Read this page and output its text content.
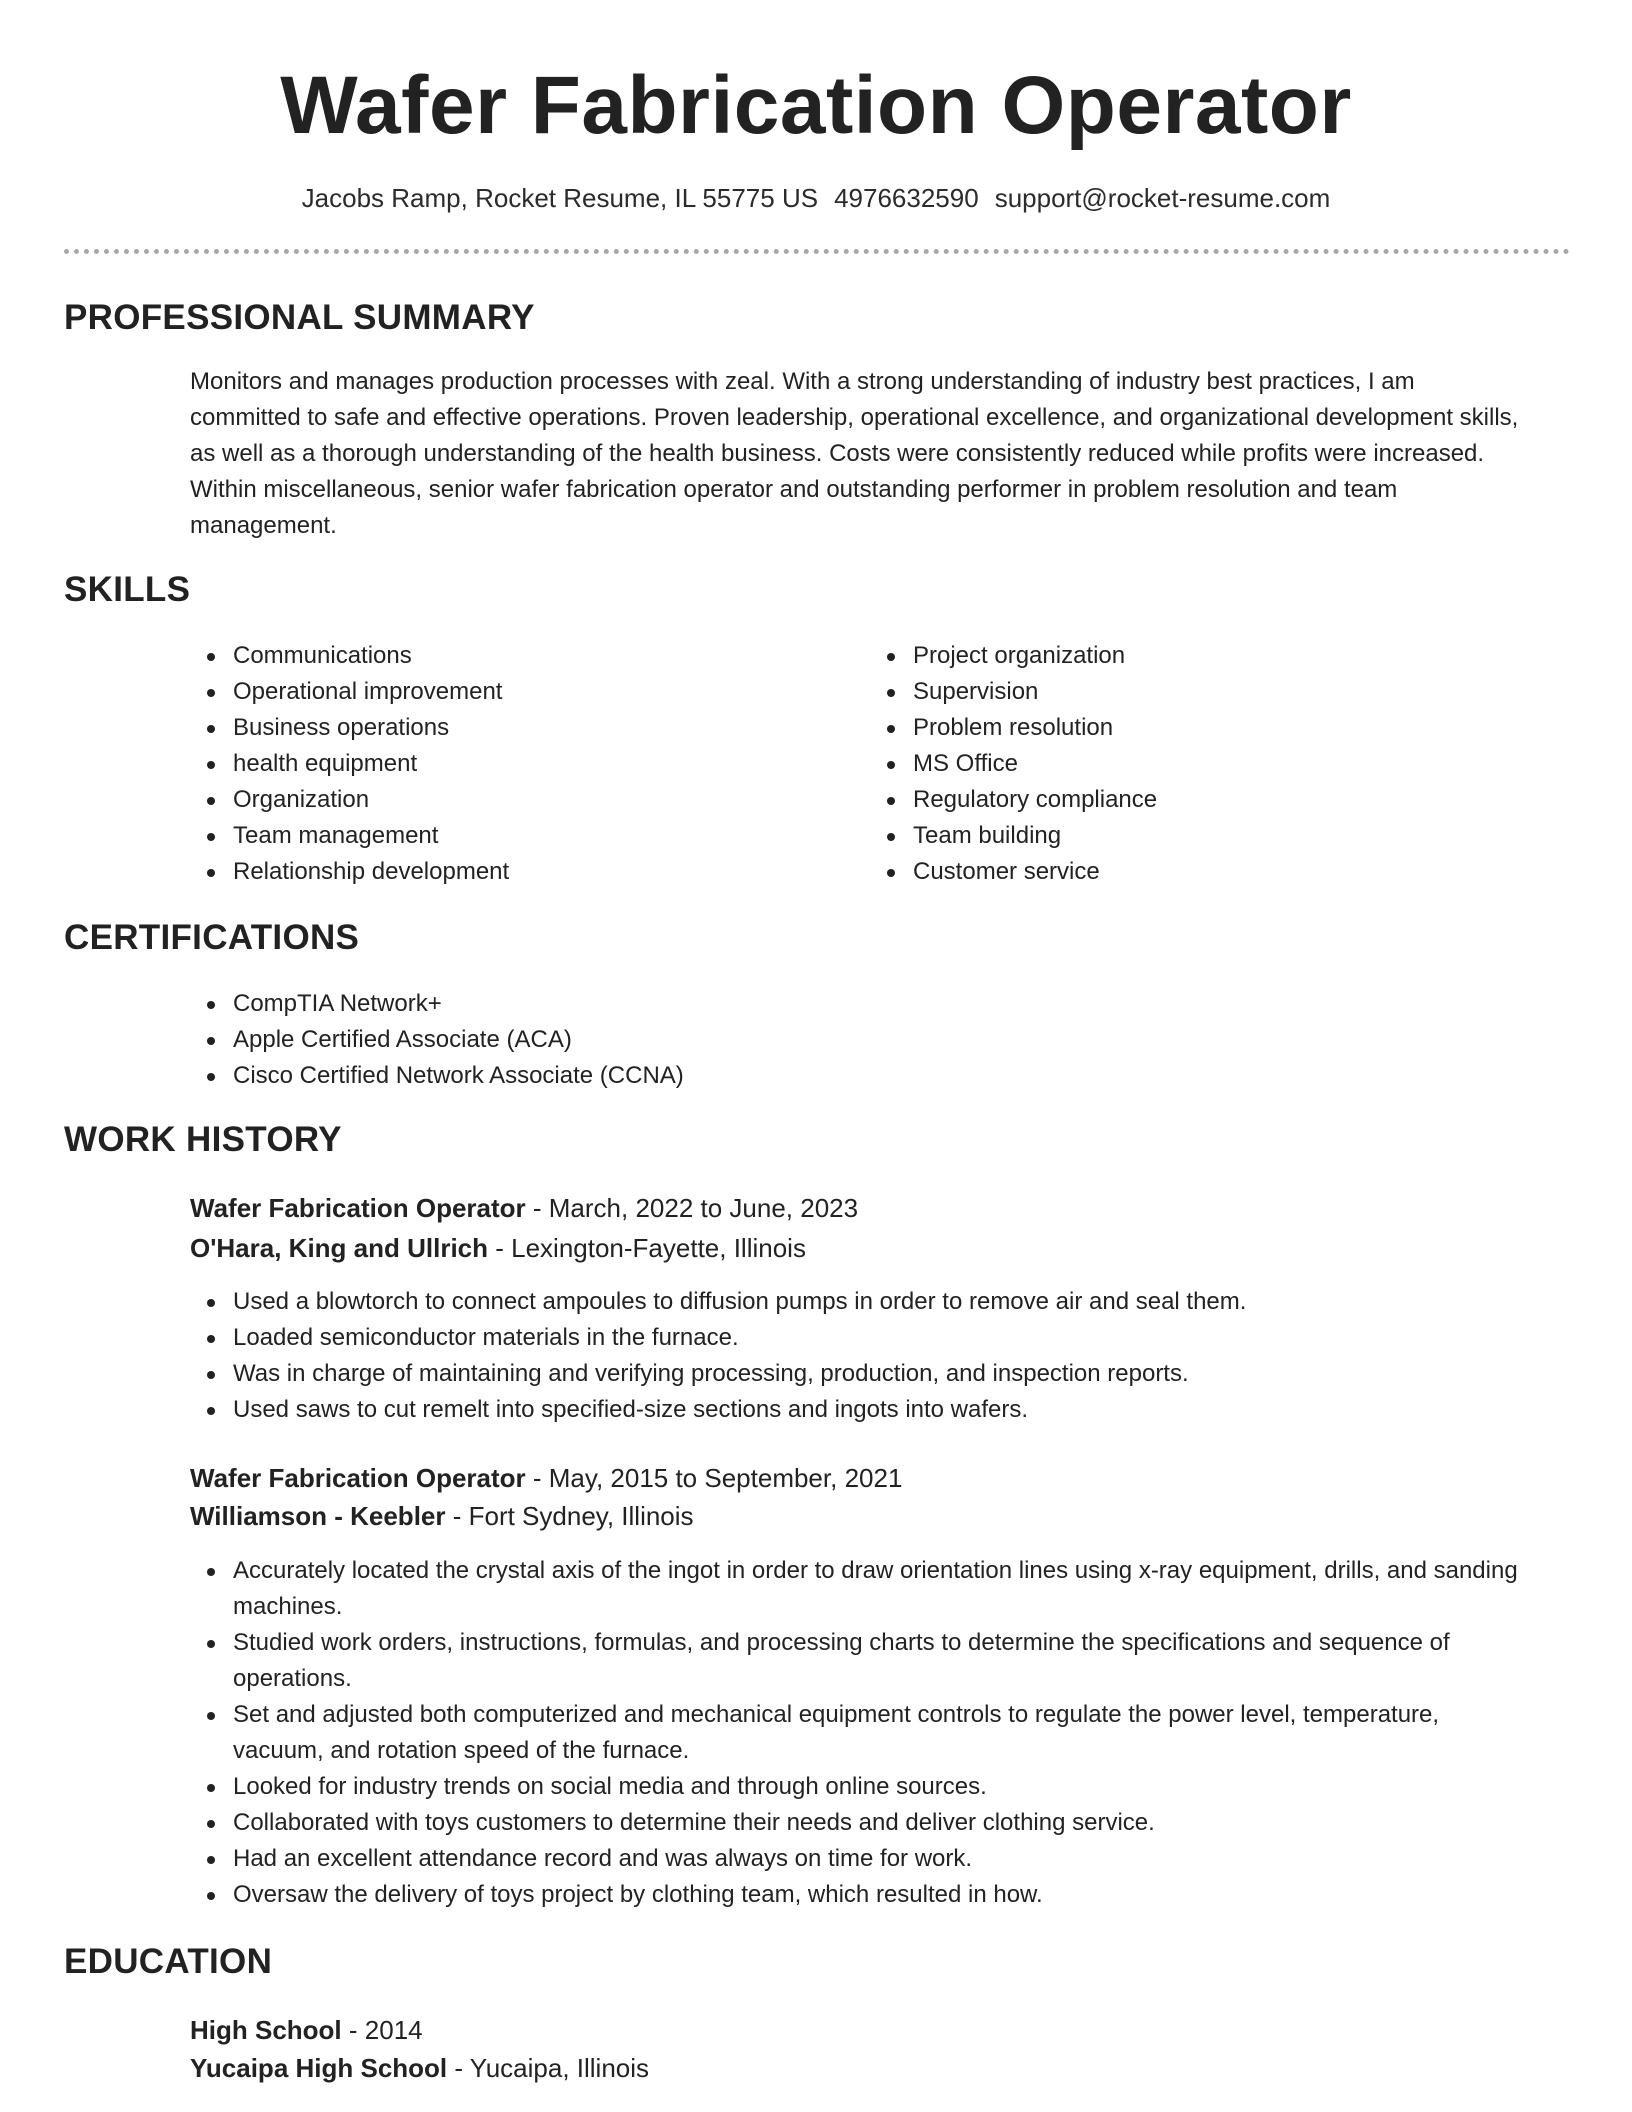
Wafer Fabrication Operator
Jacobs Ramp, Rocket Resume, IL 55775 US 4976632590 support@rocket-resume.com
PROFESSIONAL SUMMARY
Monitors and manages production processes with zeal. With a strong understanding of industry best practices, I am committed to safe and effective operations. Proven leadership, operational excellence, and organizational development skills, as well as a thorough understanding of the health business. Costs were consistently reduced while profits were increased. Within miscellaneous, senior wafer fabrication operator and outstanding performer in problem resolution and team management.
SKILLS
Communications
Operational improvement
Business operations
health equipment
Organization
Team management
Relationship development
Project organization
Supervision
Problem resolution
MS Office
Regulatory compliance
Team building
Customer service
CERTIFICATIONS
CompTIA Network+
Apple Certified Associate (ACA)
Cisco Certified Network Associate (CCNA)
WORK HISTORY
Wafer Fabrication Operator - March, 2022 to June, 2023
O'Hara, King and Ullrich - Lexington-Fayette, Illinois
Used a blowtorch to connect ampoules to diffusion pumps in order to remove air and seal them.
Loaded semiconductor materials in the furnace.
Was in charge of maintaining and verifying processing, production, and inspection reports.
Used saws to cut remelt into specified-size sections and ingots into wafers.
Wafer Fabrication Operator - May, 2015 to September, 2021
Williamson - Keebler - Fort Sydney, Illinois
Accurately located the crystal axis of the ingot in order to draw orientation lines using x-ray equipment, drills, and sanding machines.
Studied work orders, instructions, formulas, and processing charts to determine the specifications and sequence of operations.
Set and adjusted both computerized and mechanical equipment controls to regulate the power level, temperature, vacuum, and rotation speed of the furnace.
Looked for industry trends on social media and through online sources.
Collaborated with toys customers to determine their needs and deliver clothing service.
Had an excellent attendance record and was always on time for work.
Oversaw the delivery of toys project by clothing team, which resulted in how.
EDUCATION
High School - 2014
Yucaipa High School - Yucaipa, Illinois
